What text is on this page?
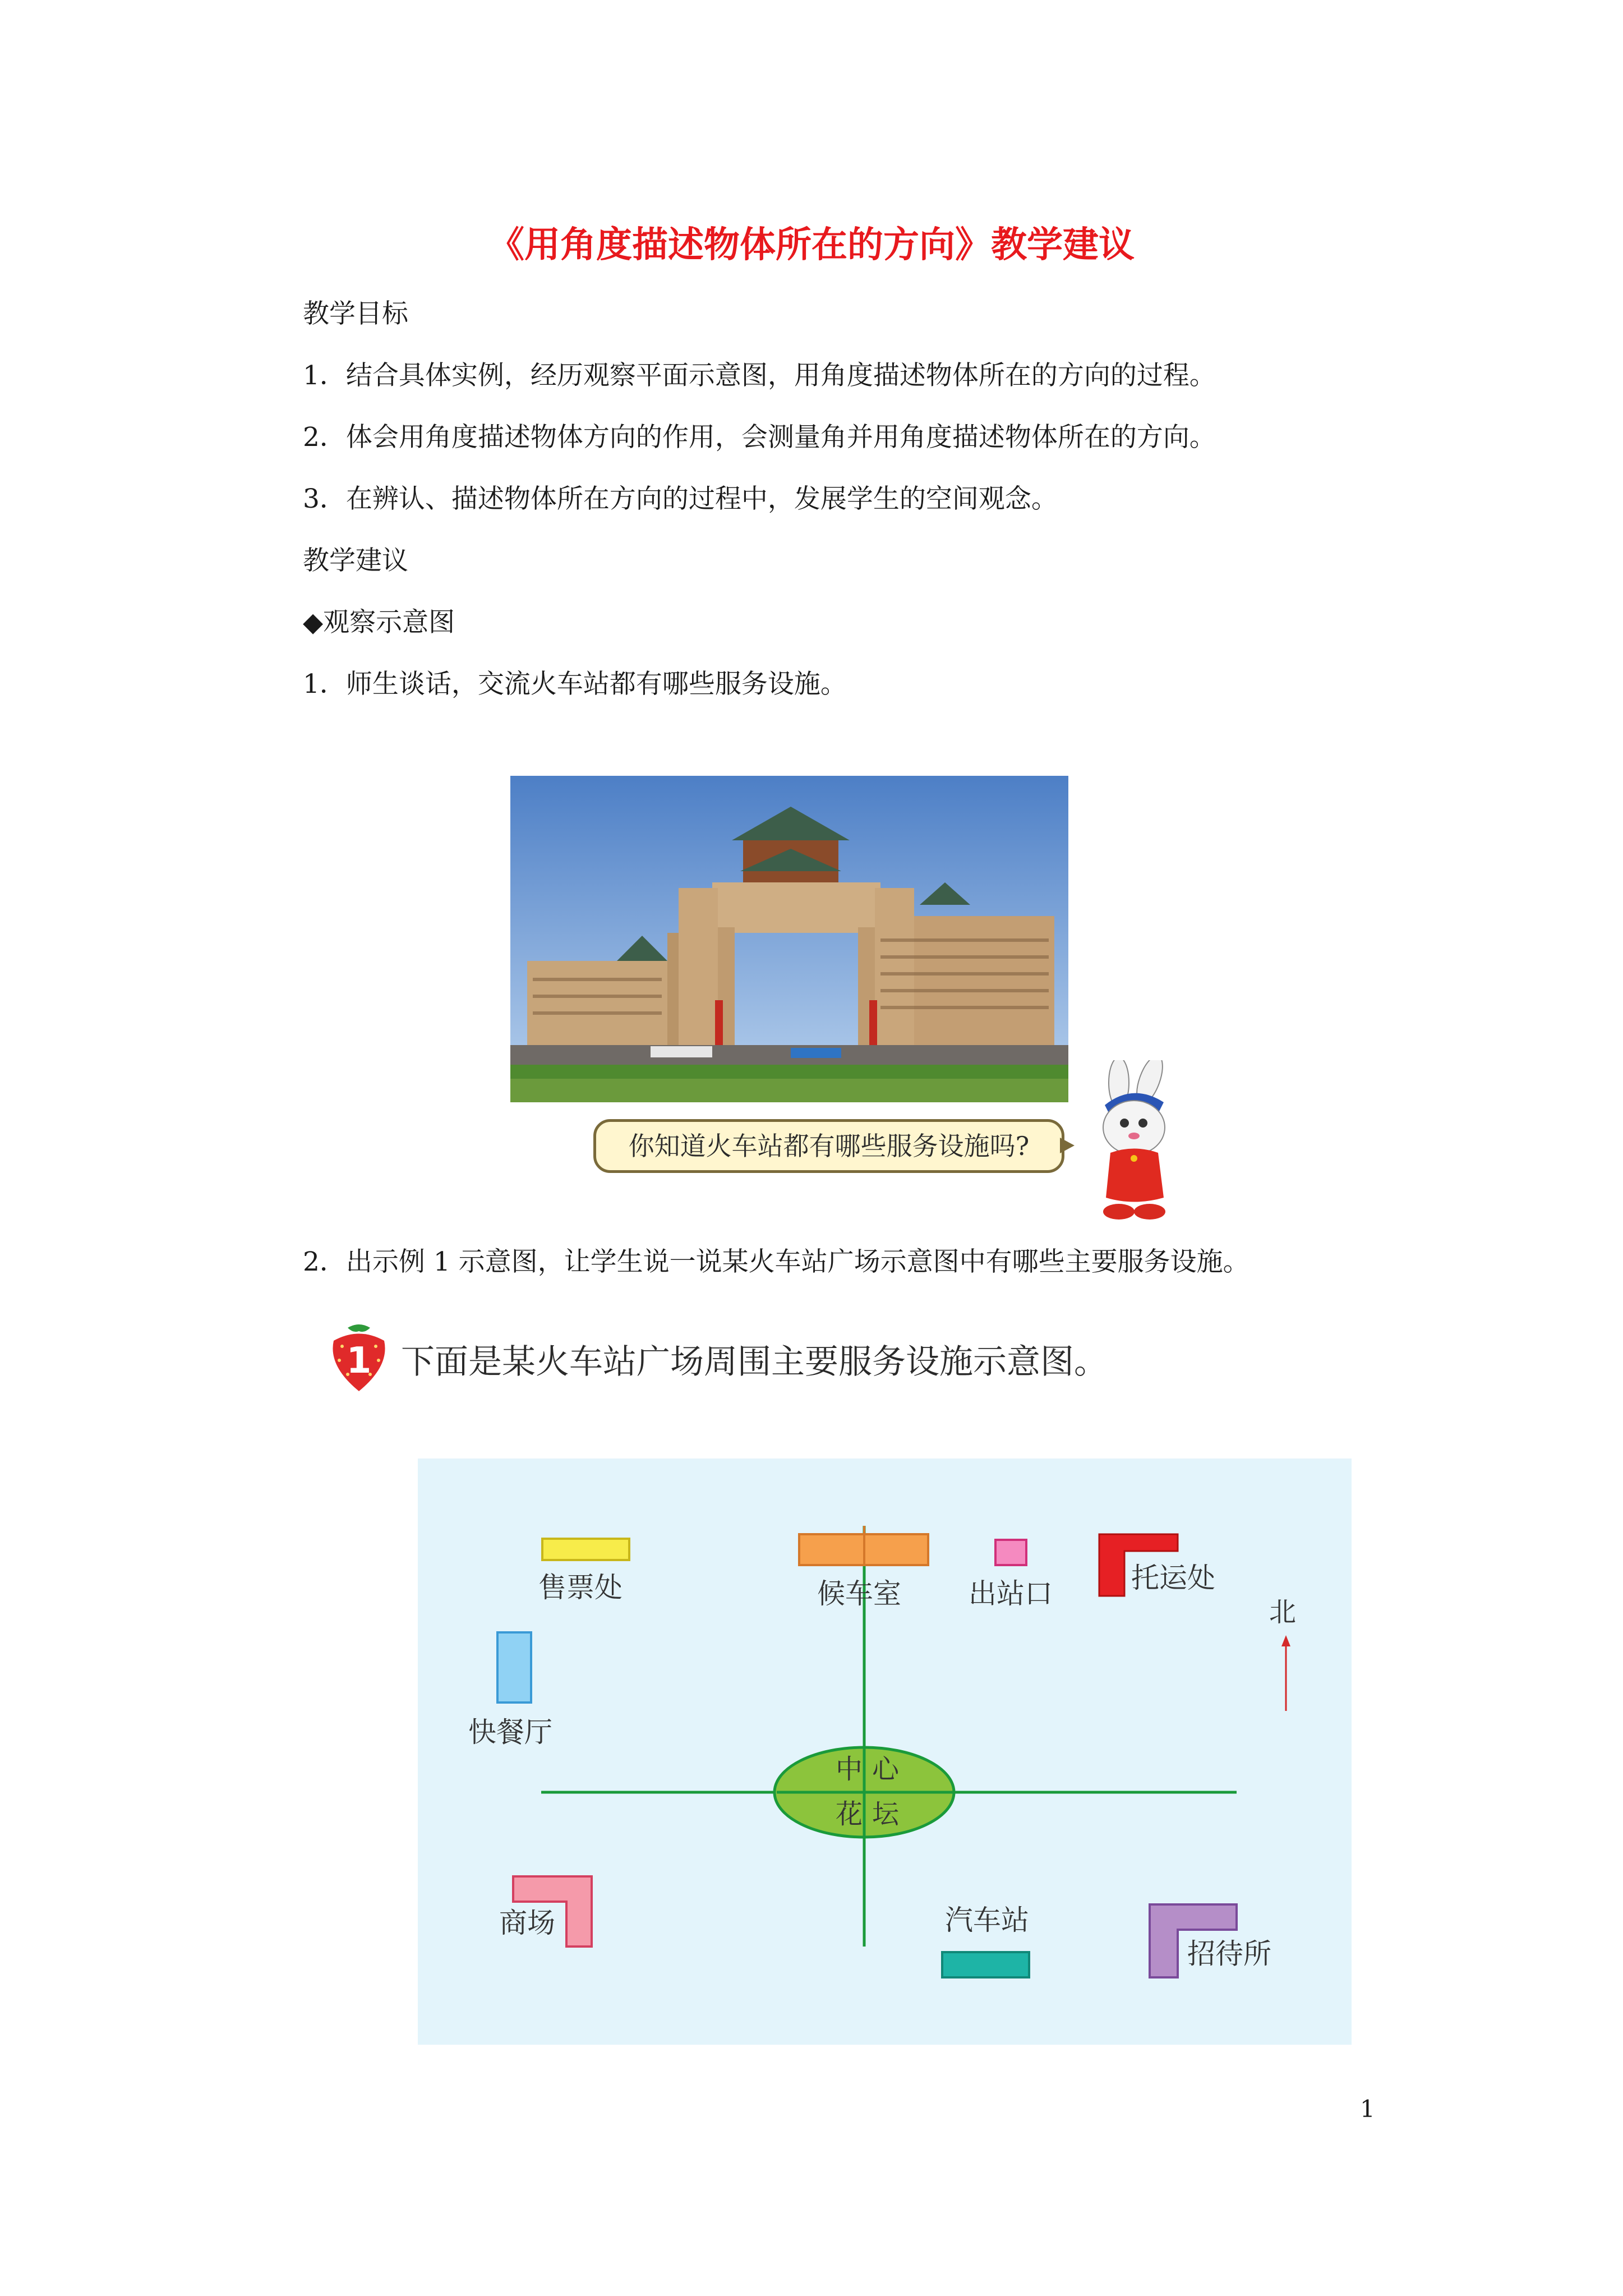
《用角度描述物体所在的方向》教学建议
教学目标
1．结合具体实例，经历观察平面示意图，用角度描述物体所在的方向的过程。
2．体会用角度描述物体方向的作用，会测量角并用角度描述物体所在的方向。
3．在辨认、描述物体所在方向的过程中，发展学生的空间观念。
教学建议
◆观察示意图
1．师生谈话，交流火车站都有哪些服务设施。
你知道火车站都有哪些服务设施吗?
2．出示例 1 示意图，让学生说一说某火车站广场示意图中有哪些主要服务设施。
1 下面是某火车站广场周围主要服务设施示意图。
中 心
花 坛
售票处	候车室 出站口	托运处
北
快餐厅
商场	汽车站
招待所
1
